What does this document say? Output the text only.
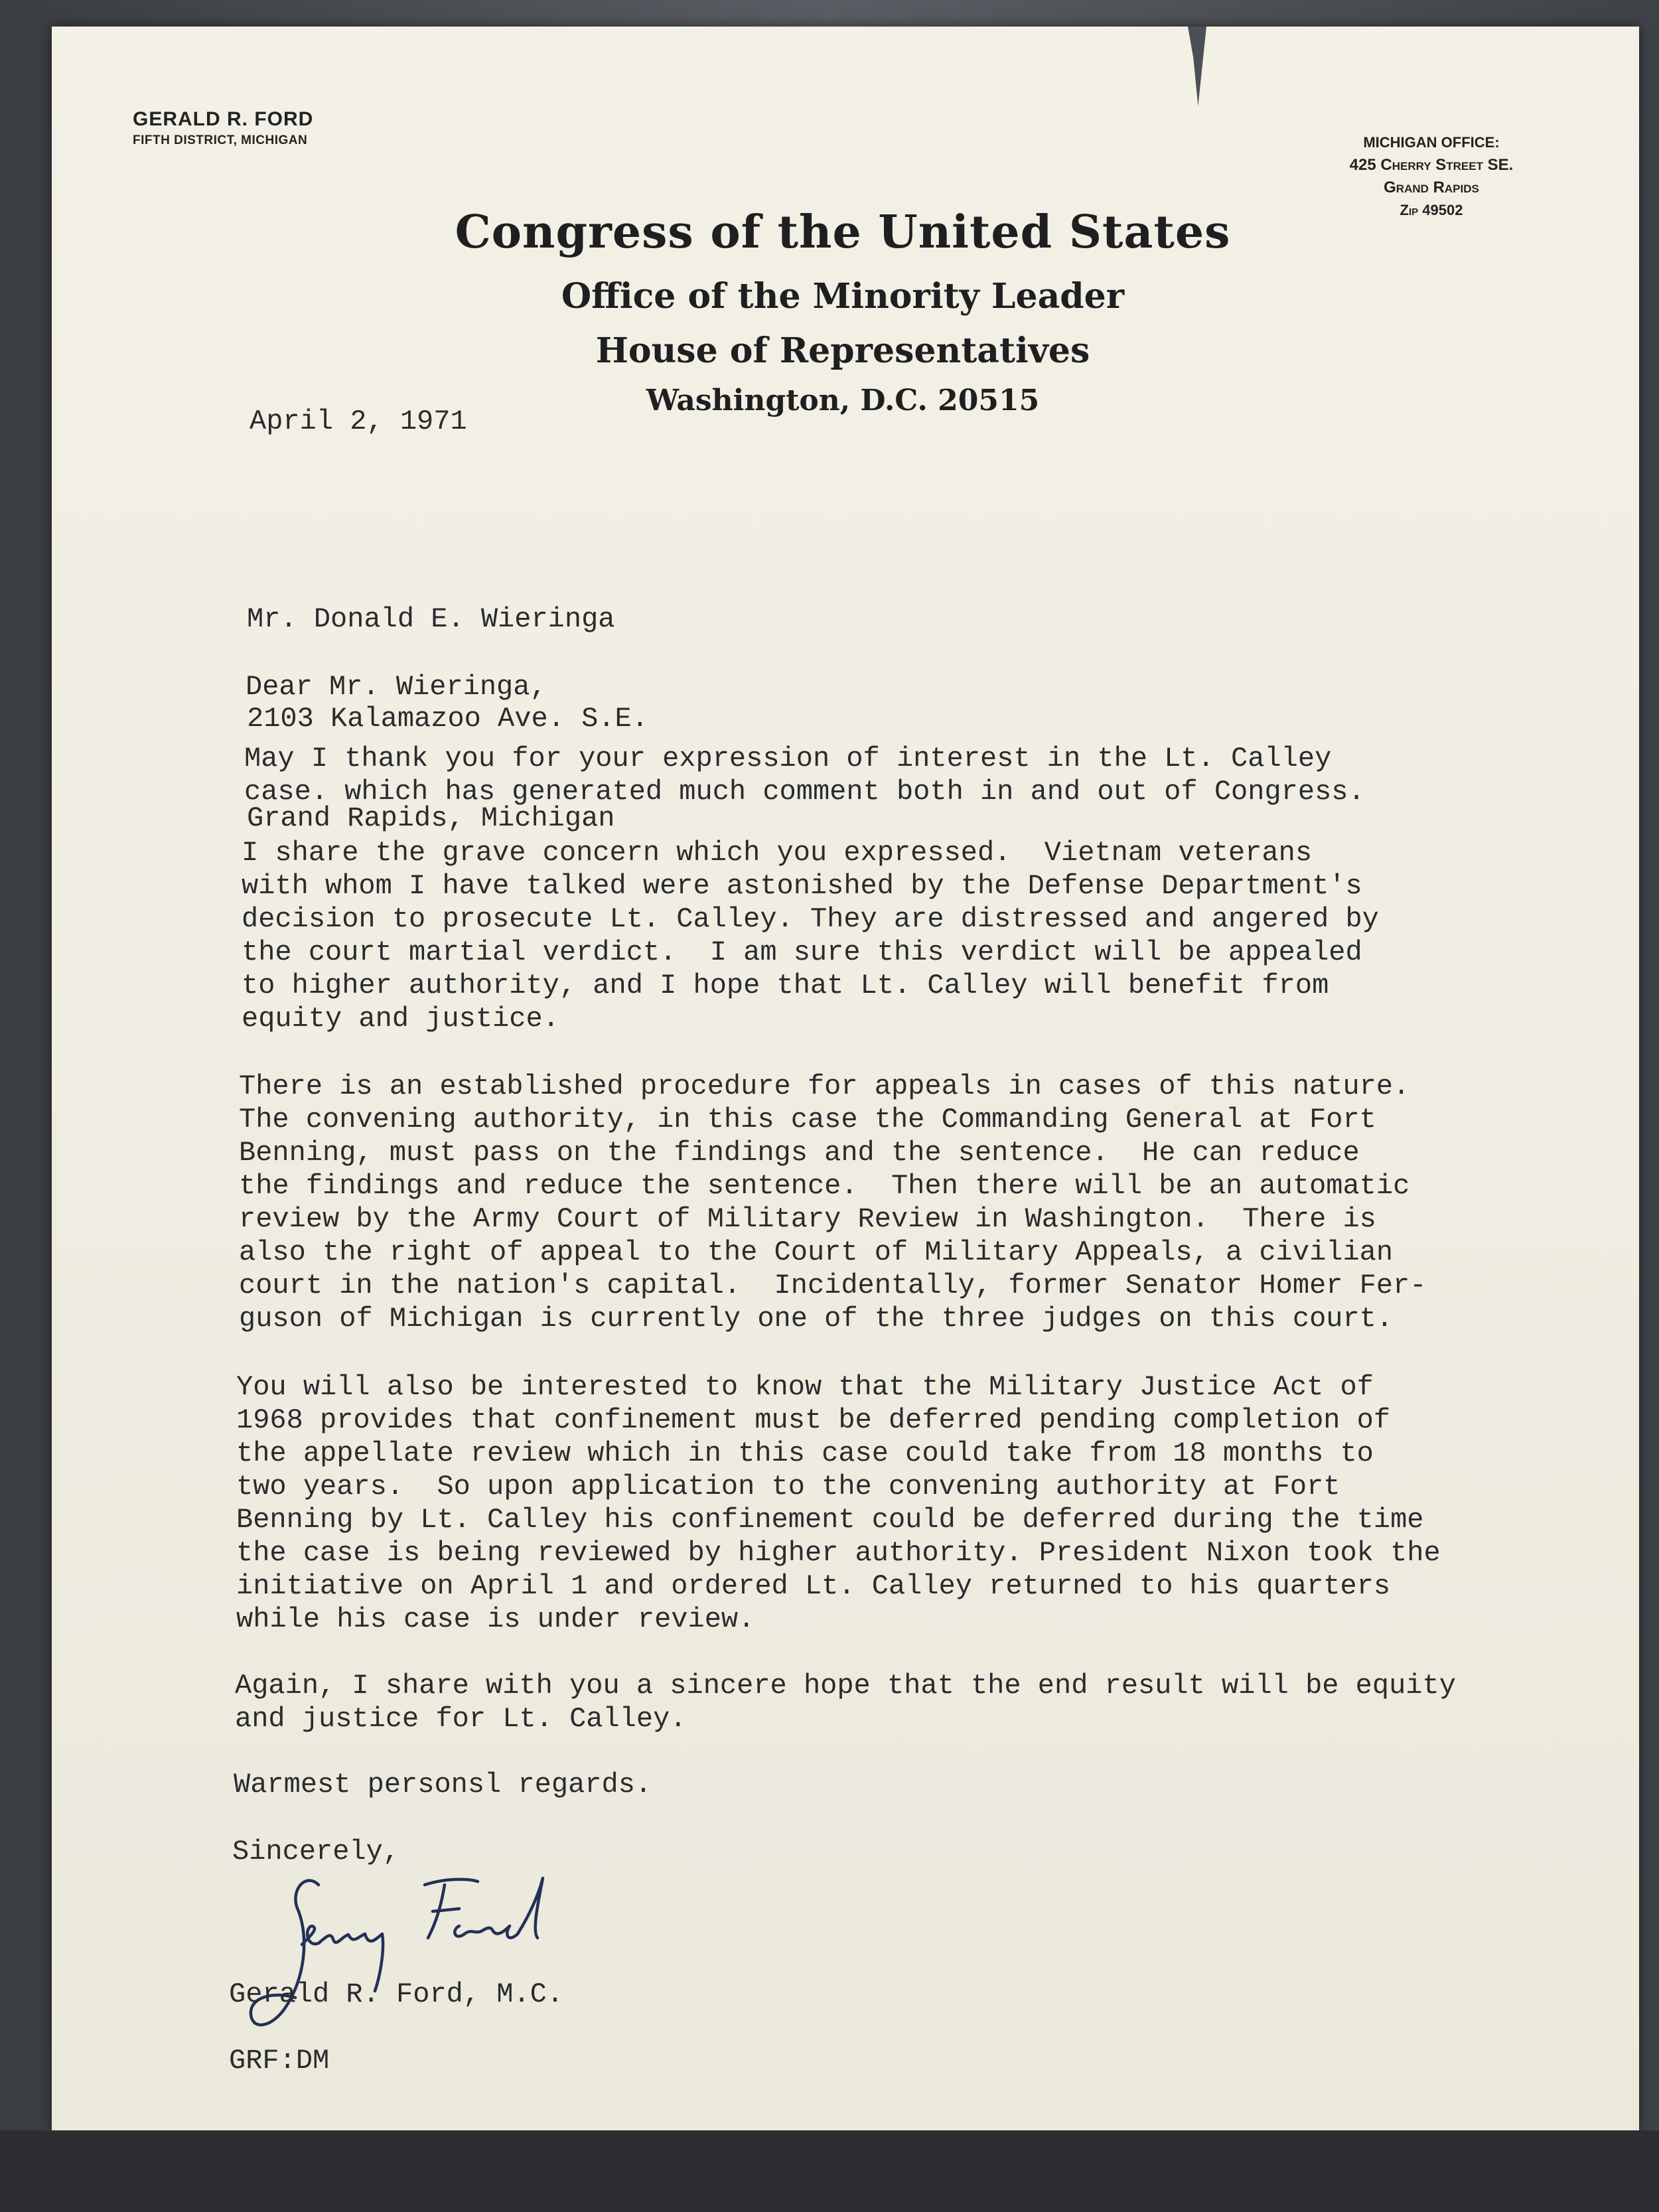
GERALD R. FORD
FIFTH DISTRICT, MICHIGAN	MICHIGAN OFFICE:
425 Cherry Street SE.
Grand Rapids
Zip 49502
Congress of the United States
Office of the Minority Leader
House of Representatives
Washington, D.C. 20515
April 2, 1971

Mr. Donald E. Wieringa

2103 Kalamazoo Ave. S.E.

Grand Rapids, Michigan

Dear Mr. Wieringa,
May I thank you for your expression of interest in the Lt. Calley
case. which has generated much comment both in and out of Congress.
I share the grave concern which you expressed.  Vietnam veterans
with whom I have talked were astonished by the Defense Department's
decision to prosecute Lt. Calley. They are distressed and angered by
the court martial verdict.  I am sure this verdict will be appealed
to higher authority, and I hope that Lt. Calley will benefit from
equity and justice.
There is an established procedure for appeals in cases of this nature.
The convening authority, in this case the Commanding General at Fort
Benning, must pass on the findings and the sentence.  He can reduce
the findings and reduce the sentence.  Then there will be an automatic
review by the Army Court of Military Review in Washington.  There is
also the right of appeal to the Court of Military Appeals, a civilian
court in the nation's capital.  Incidentally, former Senator Homer Fer-
guson of Michigan is currently one of the three judges on this court.
You will also be interested to know that the Military Justice Act of
1968 provides that confinement must be deferred pending completion of
the appellate review which in this case could take from 18 months to
two years.  So upon application to the convening authority at Fort
Benning by Lt. Calley his confinement could be deferred during the time
the case is being reviewed by higher authority. President Nixon took the
initiative on April 1 and ordered Lt. Calley returned to his quarters
while his case is under review.
Again, I share with you a sincere hope that the end result will be equity
and justice for Lt. Calley.
Warmest personsl regards.
Sincerely,
Gerald R. Ford, M.C.
GRF:DM
